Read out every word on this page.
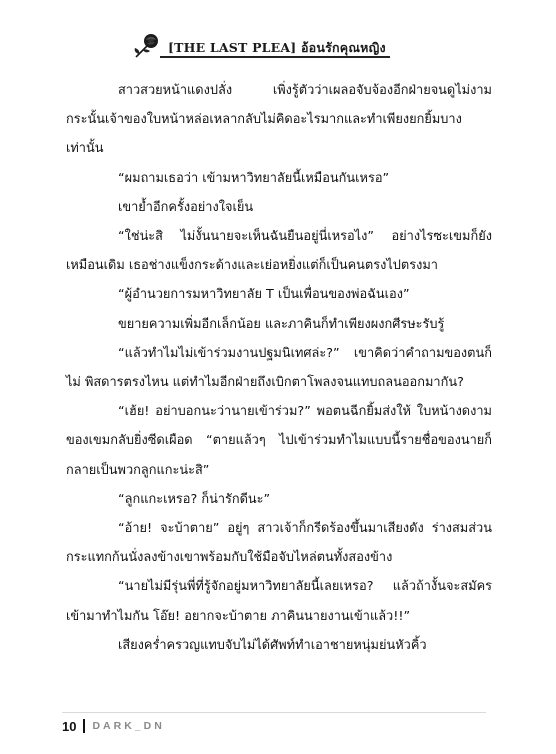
[THE LAST PLEA] อ้อนรักคุณหญิง

สาวสวยหน้าแดงปลั่ง เพิ่งรู้ตัวว่าเผลอจับจ้องอีกฝ่ายจนดูไม่งาม กระนั้นเจ้าของใบหน้าหล่อเหลากลับไม่คิดอะไรมากและทำเพียงยกยิ้มบาง เท่านั้น

“ผมถามเธอว่า เข้ามหาวิทยาลัยนี้เหมือนกันเหรอ”

เขาย้ำอีกครั้งอย่างใจเย็น

“ใช่น่ะสิ ไม่งั้นนายจะเห็นฉันยืนอยู่นี่เหรอไง” อย่างไรซะเขมก็ยัง เหมือนเดิม เธอช่างแข็งกระด้างและเย่อหยิ่งแต่ก็เป็นคนตรงไปตรงมา

“ผู้อำนวยการมหาวิทยาลัย T เป็นเพื่อนของพ่อฉันเอง”

ขยายความเพิ่มอีกเล็กน้อย และภาคินก็ทำเพียงผงกศีรษะรับรู้

“แล้วทำไมไม่เข้าร่วมงานปฐมนิเทศล่ะ?” เขาคิดว่าคำถามของตนก็ไม่ พิสดารตรงไหน แต่ทำไมอีกฝ่ายถึงเบิกตาโพลงจนแทบถลนออกมากัน?

“เฮ้ย! อย่าบอกนะว่านายเข้าร่วม?” พอตนฉีกยิ้มส่งให้ ใบหน้างดงาม ของเขมกลับยิ่งซีดเผือด “ตายแล้วๆ ไปเข้าร่วมทำไมแบบนี้รายชื่อของนายก็ กลายเป็นพวกลูกแกะน่ะสิ”

“ลูกแกะเหรอ? ก็น่ารักดีนะ”

“อ้าย! จะบ้าตาย” อยู่ๆ สาวเจ้าก็กรีดร้องขึ้นมาเสียงดัง ร่างสมส่วน กระแทกก้นนั่งลงข้างเขาพร้อมกับใช้มือจับไหล่ตนทั้งสองข้าง

“นายไม่มีรุ่นพี่ที่รู้จักอยู่มหาวิทยาลัยนี้เลยเหรอ? แล้วถ้างั้นจะสมัคร เข้ามาทำไมกัน โอ๊ย! อยากจะบ้าตาย ภาคินนายงานเข้าแล้ว!!”

เสียงคร่ำครวญแทบจับไม่ได้ศัพท์ทำเอาชายหนุ่มย่นหัวคิ้ว

10 DARK_DN
